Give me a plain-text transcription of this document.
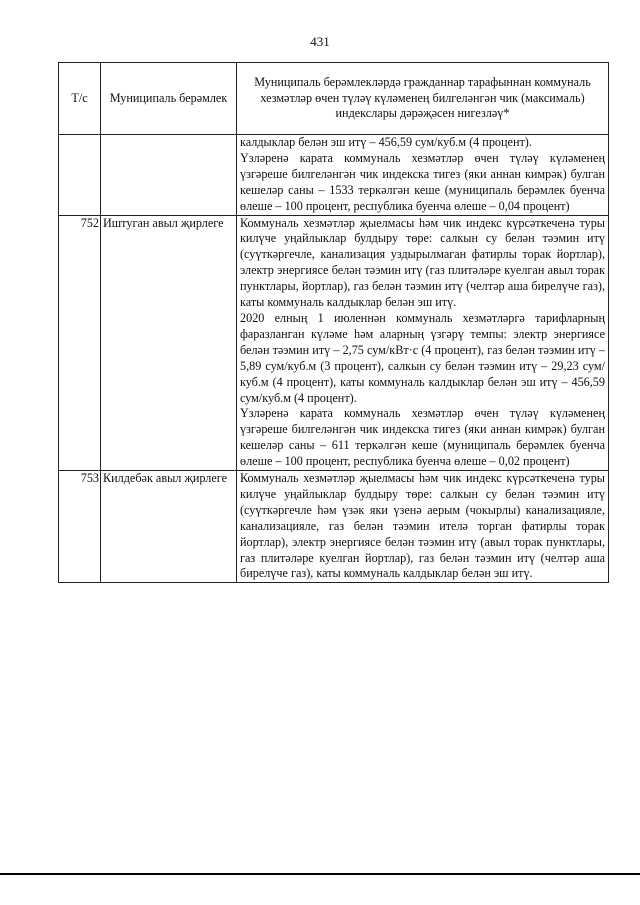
431
Т/с	Муниципаль берәмлек	Муниципаль берәмлекләрдә гражданнар тарафыннан коммуналь хезмәтләр өчен түләү күләменең билгеләнгән чик (максималь) индекслары дәрәҗәсен нигезләү*

		калдыклар белән эш итү – 456,59 сум/куб.м (4 процент).
Үзләренә карата коммуналь хезмәтләр өчен түләү күләменең үзгәреше билгеләнгән чик индекска тигез (яки аннан кимрәк) булган кешеләр саны – 1533 теркәлгән кеше (муниципаль берәмлек буенча өлеше – 100 процент, республика буенча өлеше – 0,04 процент)

752	Иштуган авыл җирлеге	Коммуналь хезмәтләр җыелмасы һәм чик индекс күрсәткеченә туры килүче уңайлыклар булдыру төре: салкын су белән тәэмин итү (суүткәргечле, канализация уздырылмаган фатирлы торак йортлар), электр энергиясе белән тәэмин итү (газ плитәләре куелган авыл торак пунктлары, йортлар), газ белән тәэмин итү (челтәр аша бирелүче газ), каты коммуналь калдыклар белән эш итү.
2020 елның 1 июленнән коммуналь хезмәтләргә тарифларның фаразланган күләме һәм аларның үзгәрү темпы: электр энергиясе белән тәэмин итү – 2,75 сум/кВт·с (4 процент), газ белән тәэмин итү – 5,89 сум/куб.м (3 процент), салкын су белән тәэмин итү – 29,23 сум/куб.м (4 процент), каты коммуналь калдыклар белән эш итү – 456,59 сум/куб.м (4 процент).
Үзләренә карата коммуналь хезмәтләр өчен түләү күләменең үзгәреше билгеләнгән чик индекска тигез (яки аннан кимрәк) булган кешеләр саны – 611 теркәлгән кеше (муниципаль берәмлек буенча өлеше – 100 процент, республика буенча өлеше – 0,02 процент)

753	Килдебәк авыл җирлеге	Коммуналь хезмәтләр җыелмасы һәм чик индекс күрсәткеченә туры килүче уңайлыклар булдыру төре: салкын су белән тәэмин итү (суүткәргечле һәм үзәк яки үзенә аерым (чокырлы) канализацияле, канализацияле, газ белән тәэмин ителә торган фатирлы торак йортлар), электр энергиясе белән тәэмин итү (авыл торак пунктлары, газ плитәләре куелган йортлар), газ белән тәэмин итү (челтәр аша бирелүче газ), каты коммуналь калдыклар белән эш итү.
